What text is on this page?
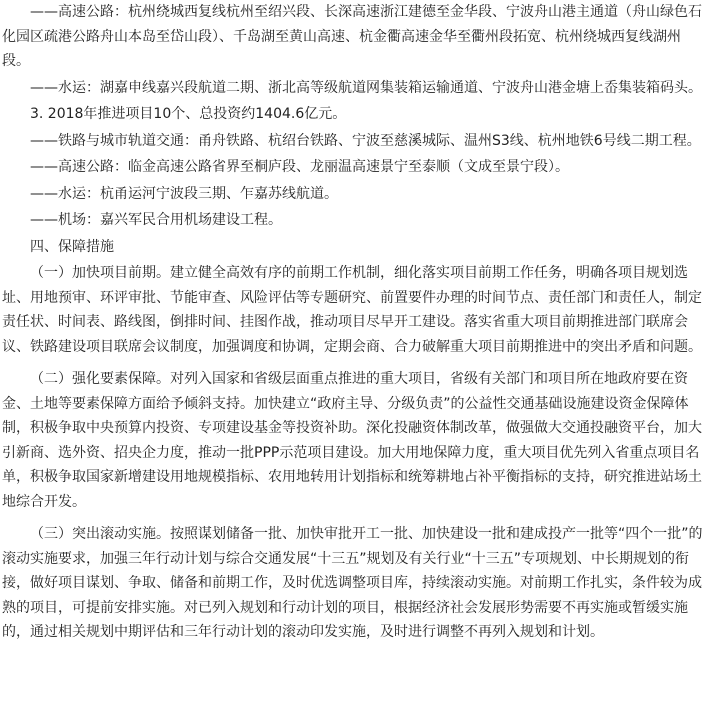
——高速公路：杭州绕城西复线杭州至绍兴段、长深高速浙江建德至金华段、宁波舟山港主通道（舟山绿色石化园区疏港公路舟山本岛至岱山段）、千岛湖至黄山高速、杭金衢高速金华至衢州段拓宽、杭州绕城西复线湖州段。

——水运：湖嘉申线嘉兴段航道二期、浙北高等级航道网集装箱运输通道、宁波舟山港金塘上岙集装箱码头。

3. 2018年推进项目10个、总投资约1404.6亿元。

——铁路与城市轨道交通：甬舟铁路、杭绍台铁路、宁波至慈溪城际、温州S3线、杭州地铁6号线二期工程。

——高速公路：临金高速公路省界至桐庐段、龙丽温高速景宁至泰顺（文成至景宁段）。

——水运：杭甬运河宁波段三期、乍嘉苏线航道。

——机场：嘉兴军民合用机场建设工程。

四、保障措施

（一）加快项目前期。建立健全高效有序的前期工作机制，细化落实项目前期工作任务，明确各项目规划选址、用地预审、环评审批、节能审查、风险评估等专题研究、前置要件办理的时间节点、责任部门和责任人，制定责任状、时间表、路线图，倒排时间、挂图作战，推动项目尽早开工建设。落实省重大项目前期推进部门联席会议、铁路建设项目联席会议制度，加强调度和协调，定期会商、合力破解重大项目前期推进中的突出矛盾和问题。

（二）强化要素保障。对列入国家和省级层面重点推进的重大项目，省级有关部门和项目所在地政府要在资金、土地等要素保障方面给予倾斜支持。加快建立“政府主导、分级负责”的公益性交通基础设施建设资金保障体制，积极争取中央预算内投资、专项建设基金等投资补助。深化投融资体制改革，做强做大交通投融资平台，加大引新商、选外资、招央企力度，推动一批PPP示范项目建设。加大用地保障力度，重大项目优先列入省重点项目名单，积极争取国家新增建设用地规模指标、农用地转用计划指标和统筹耕地占补平衡指标的支持，研究推进站场土地综合开发。

（三）突出滚动实施。按照谋划储备一批、加快审批开工一批、加快建设一批和建成投产一批等“四个一批”的滚动实施要求，加强三年行动计划与综合交通发展“十三五”规划及有关行业“十三五”专项规划、中长期规划的衔接，做好项目谋划、争取、储备和前期工作，及时优选调整项目库，持续滚动实施。对前期工作扎实，条件较为成熟的项目，可提前安排实施。对已列入规划和行动计划的项目，根据经济社会发展形势需要不再实施或暂缓实施的，通过相关规划中期评估和三年行动计划的滚动印发实施，及时进行调整不再列入规划和计划。
